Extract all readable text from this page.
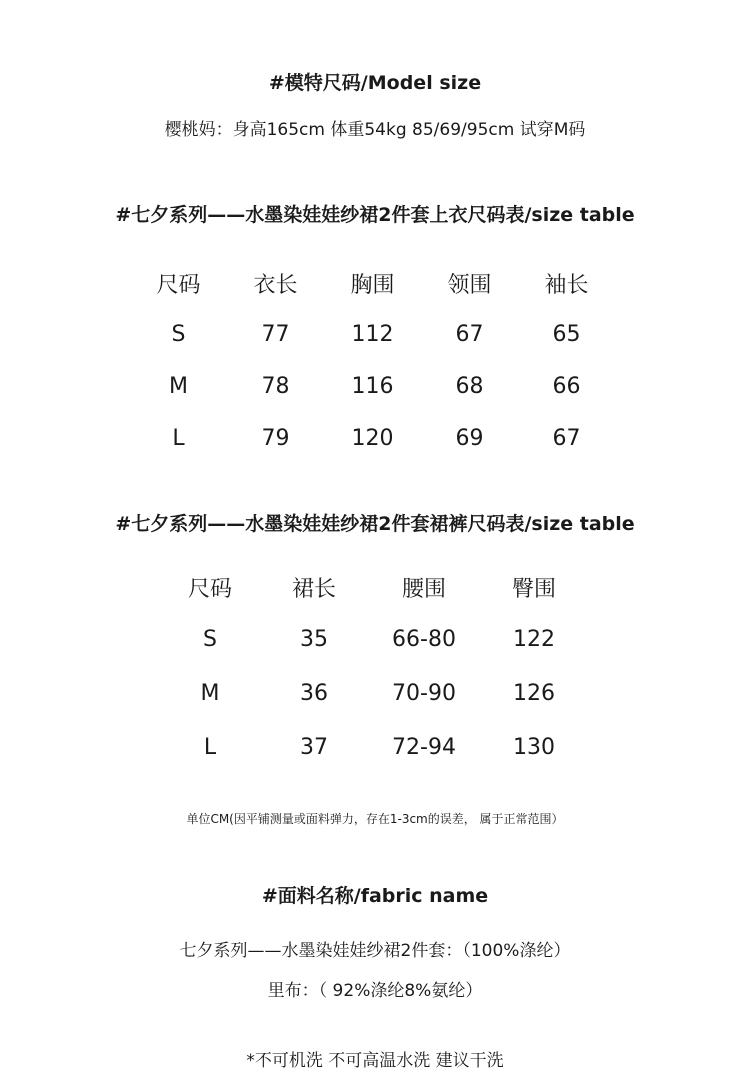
#模特尺码/Model size
樱桃妈：身高165cm 体重54kg 85/69/95cm 试穿M码
#七夕系列——水墨染娃娃纱裙2件套上衣尺码表/size table
尺码	衣长	胸围	领围	袖长
S	77	112	67	65
M	78	116	68	66
L	79	120	69	67
#七夕系列——水墨染娃娃纱裙2件套裙裤尺码表/size table
尺码	裙长	腰围	臀围
S	35	66-80	122
M	36	70-90	126
L	37	72-94	130
单位CM(因平铺测量或面料弹力，存在1-3cm的误差， 属于正常范围）
#面料名称/fabric name
七夕系列——水墨染娃娃纱裙2件套：（100%涤纶）
里布：（ 92%涤纶8%氨纶）
*不可机洗 不可高温水洗 建议干洗
